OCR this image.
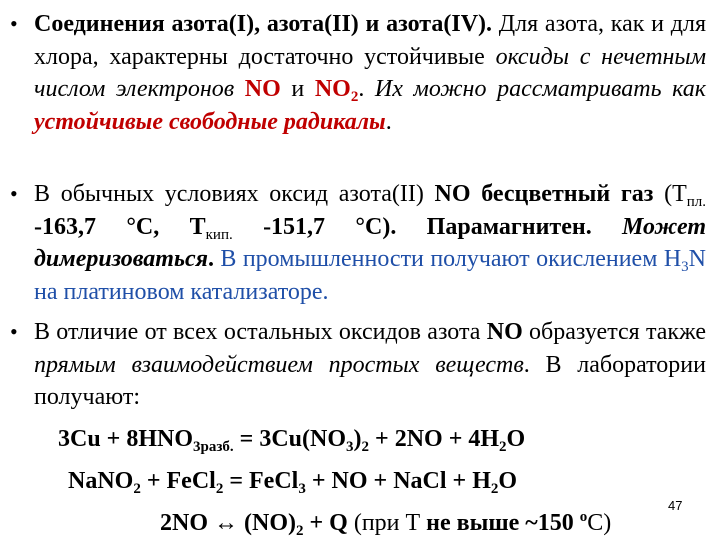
• Соединения азота(I), азота(II) и азота(IV). Для азота, как и для хлора, характерны достаточно устойчивые оксиды с нечетным числом электронов NO и $NO_2$. Их можно рассматривать как устойчивые свободные радикалы.
• В обычных условиях оксид азота(II) NO бесцветный газ ($Т_{пл.}$ -163,7 °С, $Т_{кип.}$ -151,7 °С). Парамагнитен. Может димеризоваться. В промышленности получают окислением $Н_3N$ на платиновом катализаторе.
• В отличие от всех остальных оксидов азота NO образуется также прямым взаимодействием простых веществ. В лаборатории получают:
$3Cu + 8HNO_{3разб.} = 3Cu(NO_3)_2 + 2NO + 4H_2O$
NaNO$_2$ + FeCl$_2$ = FeCl$_3$ + NO + NaCl + $H_2O$
47
2NO ↔ $(NO)_2 + Q$ (при Т не выше ~150 $^о$С)
